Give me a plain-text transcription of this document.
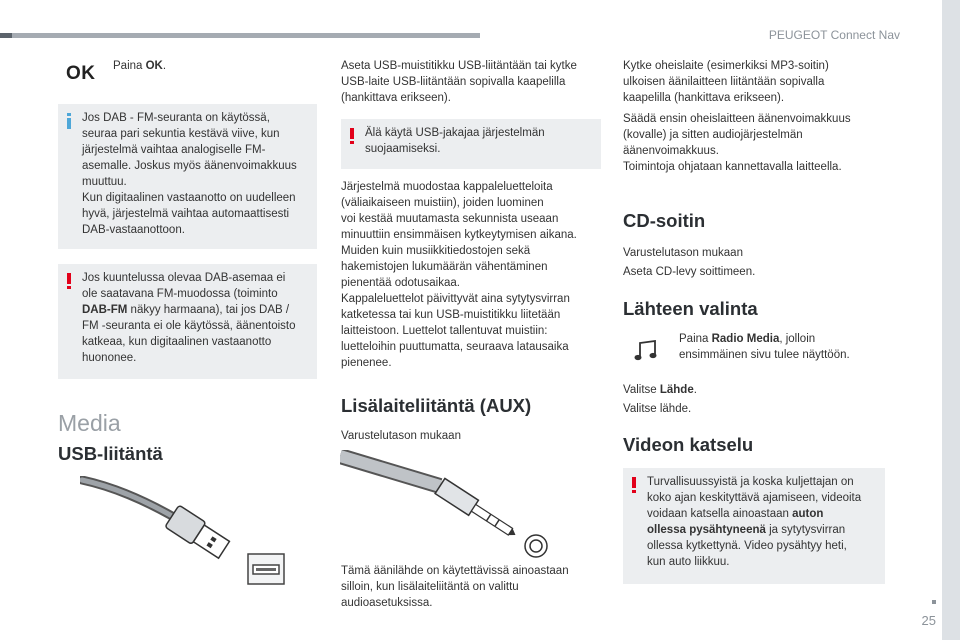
PEUGEOT Connect Nav
25
OK Paina OK.

Jos DAB - FM-seuranta on käytössä,

seuraa pari sekuntia kestävä viive, kun

järjestelmä vaihtaa analogiselle FM-

asemalle. Joskus myös äänenvoimakkuus

muuttuu.

Kun digitaalinen vastaanotto on uudelleen

hyvä, järjestelmä vaihtaa automaattisesti

DAB-vastaanottoon.

Jos kuuntelussa olevaa DAB-asemaa ei

ole saatavana FM-muodossa (toiminto

DAB-FM näkyy harmaana), tai jos DAB /

FM -seuranta ei ole käytössä, äänentoisto

katkeaa, kun digitaalinen vastaanotto

huononee.

Media
USB-liitäntä

Aseta USB-muistitikku USB-liitäntään tai kytke

USB-laite USB-liitäntään sopivalla kaapelilla

(hankittava erikseen).

Älä käytä USB-jakajaa järjestelmän

suojaamiseksi.

Järjestelmä muodostaa kappaleluetteloita

(väliaikaiseen muistiin), joiden luominen

voi kestää muutamasta sekunnista useaan

minuuttiin ensimmäisen kytkeytymisen aikana.

Muiden kuin musiikkitiedostojen sekä

hakemistojen lukumäärän vähentäminen

pienentää odotusaikaa.

Kappaleluettelot päivittyvät aina sytytysvirran

katketessa tai kun USB-muistitikku liitetään

laitteistoon. Luettelot tallentuvat muistiin:

luetteloihin puuttumatta, seuraava latausaika

pienenee.

Lisälaiteliitäntä (AUX)

Varustelutason mukaan

Tämä äänilähde on käytettävissä ainoastaan

silloin, kun lisälaiteliitäntä on valittu

audioasetuksissa.

Kytke oheislaite (esimerkiksi MP3-soitin)

ulkoisen äänilaitteen liitäntään sopivalla

kaapelilla (hankittava erikseen).

Säädä ensin oheislaitteen äänenvoimakkuus

(kovalle) ja sitten audiojärjestelmän

äänenvoimakkuus.

Toimintoja ohjataan kannettavalla laitteella.

CD-soitin

Varustelutason mukaan

Aseta CD-levy soittimeen.

Lähteen valinta

Paina Radio Media, jolloin

ensimmäinen sivu tulee näyttöön.

Valitse Lähde.

Valitse lähde.

Videon katselu

Turvallisuussyistä ja koska kuljettajan on

koko ajan keskityttävä ajamiseen, videoita

voidaan katsella ainoastaan auton

ollessa pysähtyneenä ja sytytysvirran

ollessa kytkettynä. Video pysähtyy heti,

kun auto liikkuu.
